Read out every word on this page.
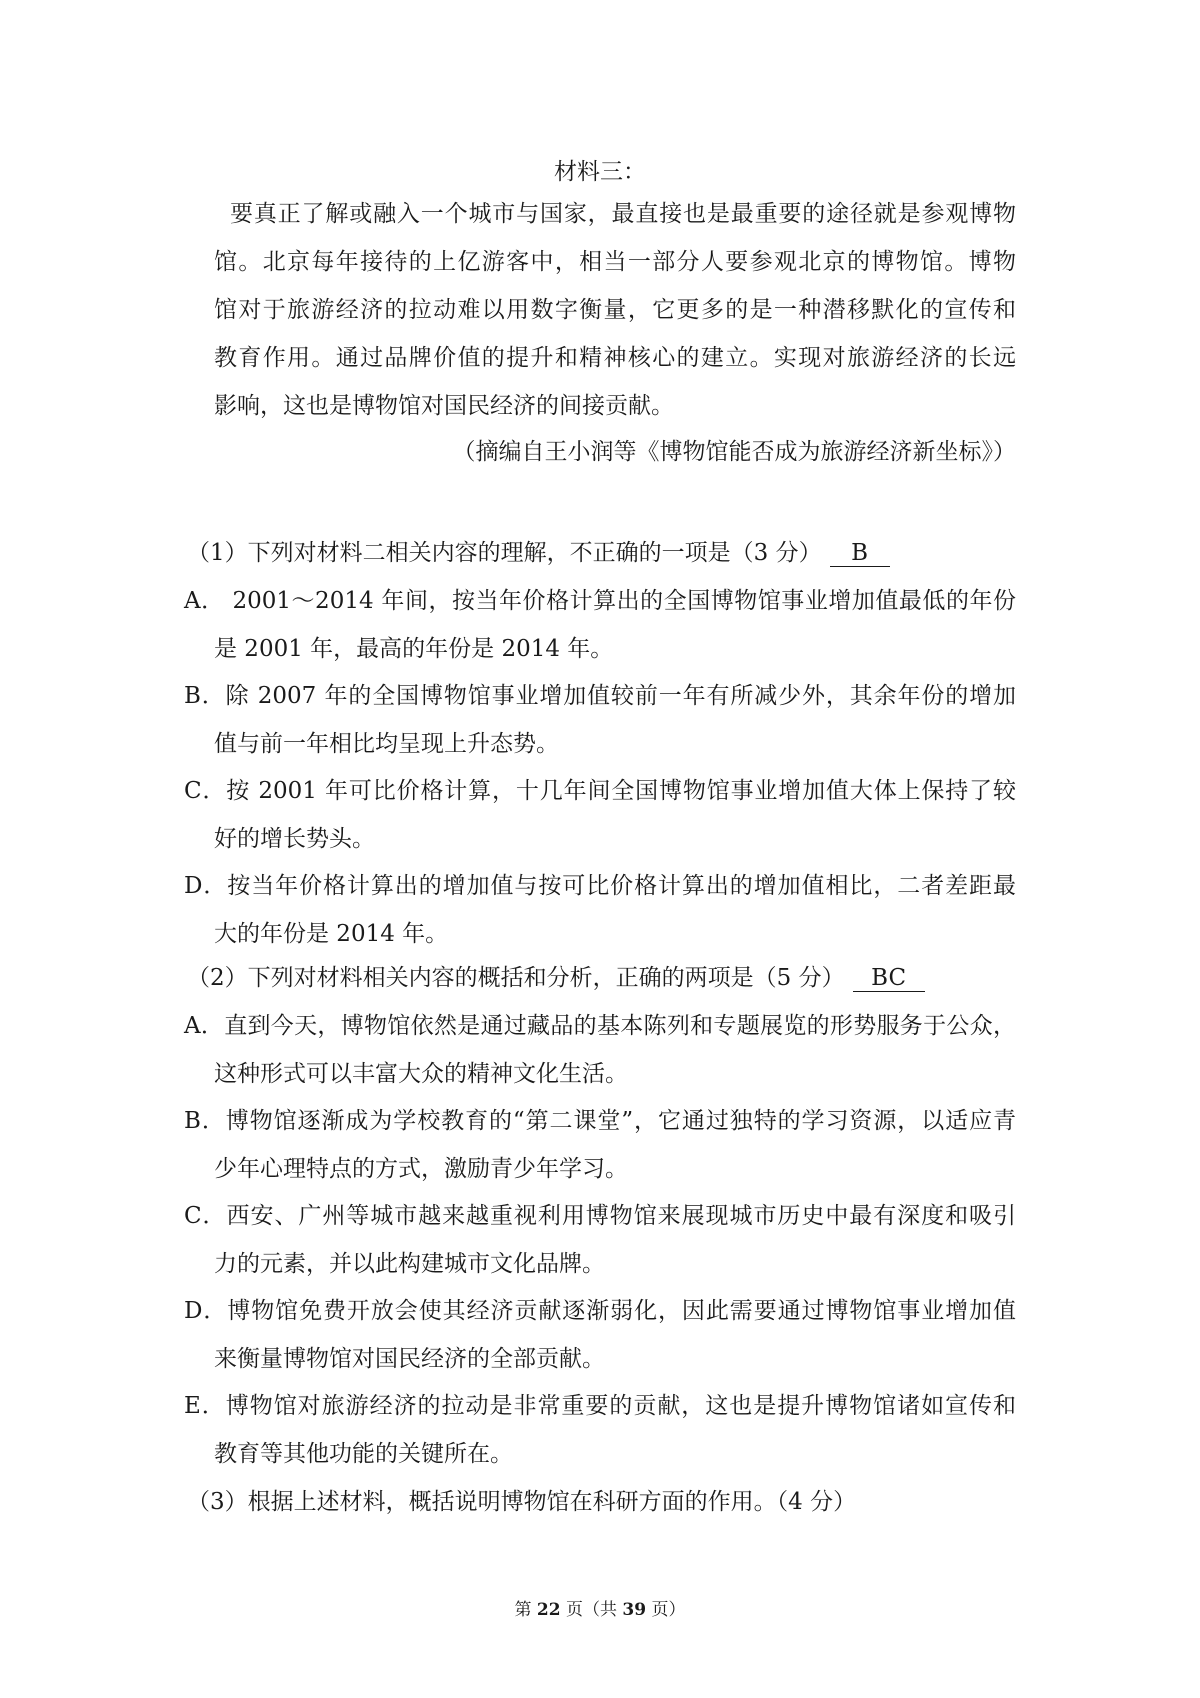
材料三：
要真正了解或融入一个城市与国家，最直接也是最重要的途径就是参观博物
馆。北京每年接待的上亿游客中，相当一部分人要参观北京的博物馆。博物
馆对于旅游经济的拉动难以用数字衡量，它更多的是一种潜移默化的宣传和
教育作用。通过品牌价值的提升和精神核心的建立。实现对旅游经济的长远
影响，这也是博物馆对国民经济的间接贡献。
（摘编自王小润等《博物馆能否成为旅游经济新坐标》）
（1）下列对材料二相关内容的理解，不正确的一项是（3 分） B
A． 2001～2014 年间，按当年价格计算出的全国博物馆事业增加值最低的年份
是 2001 年，最高的年份是 2014 年。
B．除 2007 年的全国博物馆事业增加值较前一年有所减少外，其余年份的增加
值与前一年相比均呈现上升态势。
C．按 2001 年可比价格计算，十几年间全国博物馆事业增加值大体上保持了较
好的增长势头。
D．按当年价格计算出的增加值与按可比价格计算出的增加值相比，二者差距最
大的年份是 2014 年。
（2）下列对材料相关内容的概括和分析，正确的两项是（5 分） BC
A．直到今天，博物馆依然是通过藏品的基本陈列和专题展览的形势服务于公众，
这种形式可以丰富大众的精神文化生活。
B．博物馆逐渐成为学校教育的“第二课堂”，它通过独特的学习资源，以适应青
少年心理特点的方式，激励青少年学习。
C．西安、广州等城市越来越重视利用博物馆来展现城市历史中最有深度和吸引
力的元素，并以此构建城市文化品牌。
D．博物馆免费开放会使其经济贡献逐渐弱化，因此需要通过博物馆事业增加值
来衡量博物馆对国民经济的全部贡献。
E．博物馆对旅游经济的拉动是非常重要的贡献，这也是提升博物馆诸如宣传和
教育等其他功能的关键所在。
（3）根据上述材料，概括说明博物馆在科研方面的作用。（4 分）
第 22 页（共 39 页）
